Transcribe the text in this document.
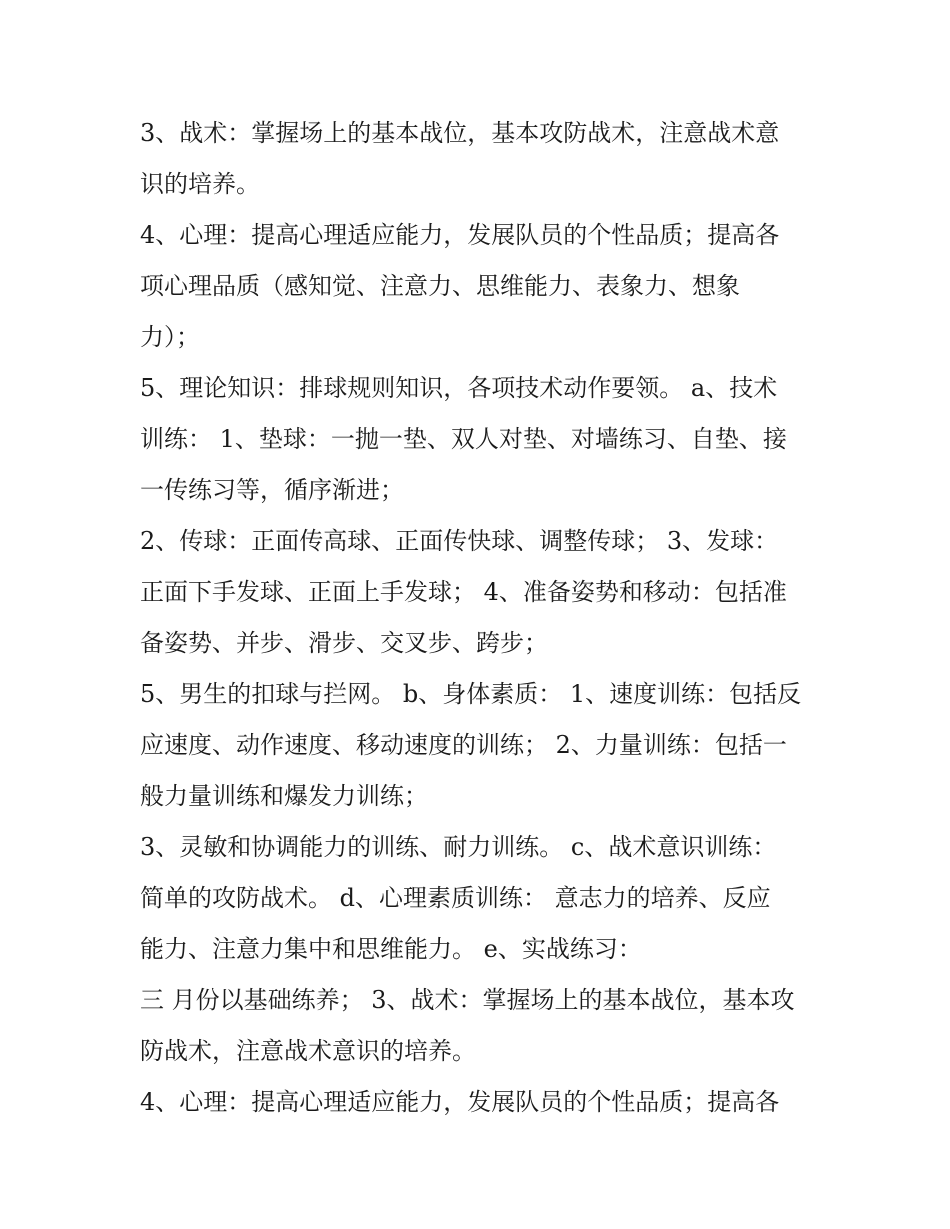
3、战术：掌握场上的基本战位，基本攻防战术，注意战术意
识的培养。
4、心理：提高心理适应能力，发展队员的个性品质；提高各
项心理品质（感知觉、注意力、思维能力、表象力、想象
力）；
5、理论知识：排球规则知识，各项技术动作要领。 a、技术
训练： 1、垫球：一抛一垫、双人对垫、对墙练习、自垫、接
一传练习等，循序渐进；
2、传球：正面传高球、正面传快球、调整传球； 3、发球：
正面下手发球、正面上手发球； 4、准备姿势和移动：包括准
备姿势、并步、滑步、交叉步、跨步；
5、男生的扣球与拦网。 b、身体素质： 1、速度训练：包括反
应速度、动作速度、移动速度的训练； 2、力量训练：包括一
般力量训练和爆发力训练；
3、灵敏和协调能力的训练、耐力训练。 c、战术意识训练：
简单的攻防战术。 d、心理素质训练： 意志力的培养、反应
能力、注意力集中和思维能力。 e、实战练习：
三 月份以基础练养； 3、战术：掌握场上的基本战位，基本攻
防战术，注意战术意识的培养。
4、心理：提高心理适应能力，发展队员的个性品质；提高各
